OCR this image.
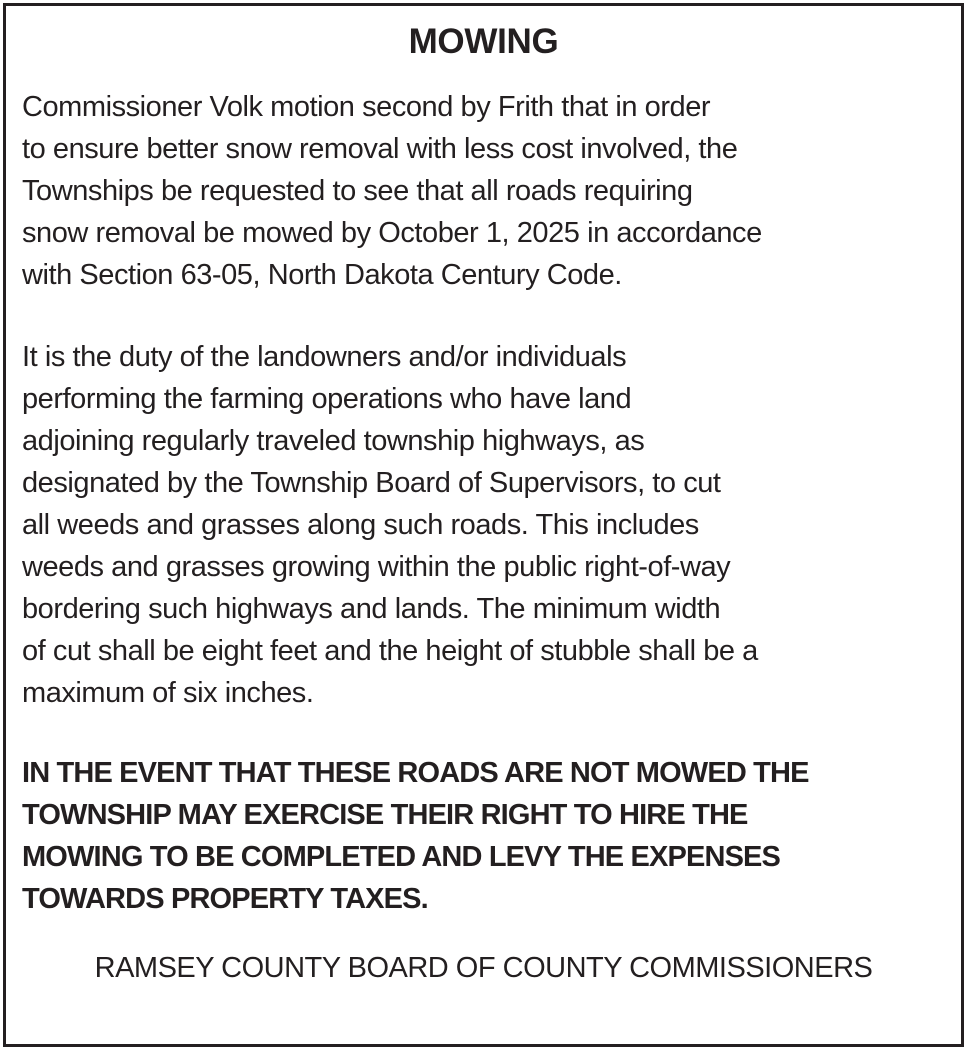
MOWING

Commissioner Volk motion second by Frith that in order
to ensure better snow removal with less cost involved, the
Townships be requested to see that all roads requiring
snow removal be mowed by October 1, 2025 in accordance
with Section 63-05, North Dakota Century Code.

It is the duty of the landowners and/or individuals
performing the farming operations who have land
adjoining regularly traveled township highways, as
designated by the Township Board of Supervisors, to cut
all weeds and grasses along such roads. This includes
weeds and grasses growing within the public right-of-way
bordering such highways and lands. The minimum width
of cut shall be eight feet and the height of stubble shall be a
maximum of six inches.

IN THE EVENT THAT THESE ROADS ARE NOT MOWED THE
TOWNSHIP MAY EXERCISE THEIR RIGHT TO HIRE THE
MOWING TO BE COMPLETED AND LEVY THE EXPENSES
TOWARDS PROPERTY TAXES.

RAMSEY COUNTY BOARD OF COUNTY COMMISSIONERS
